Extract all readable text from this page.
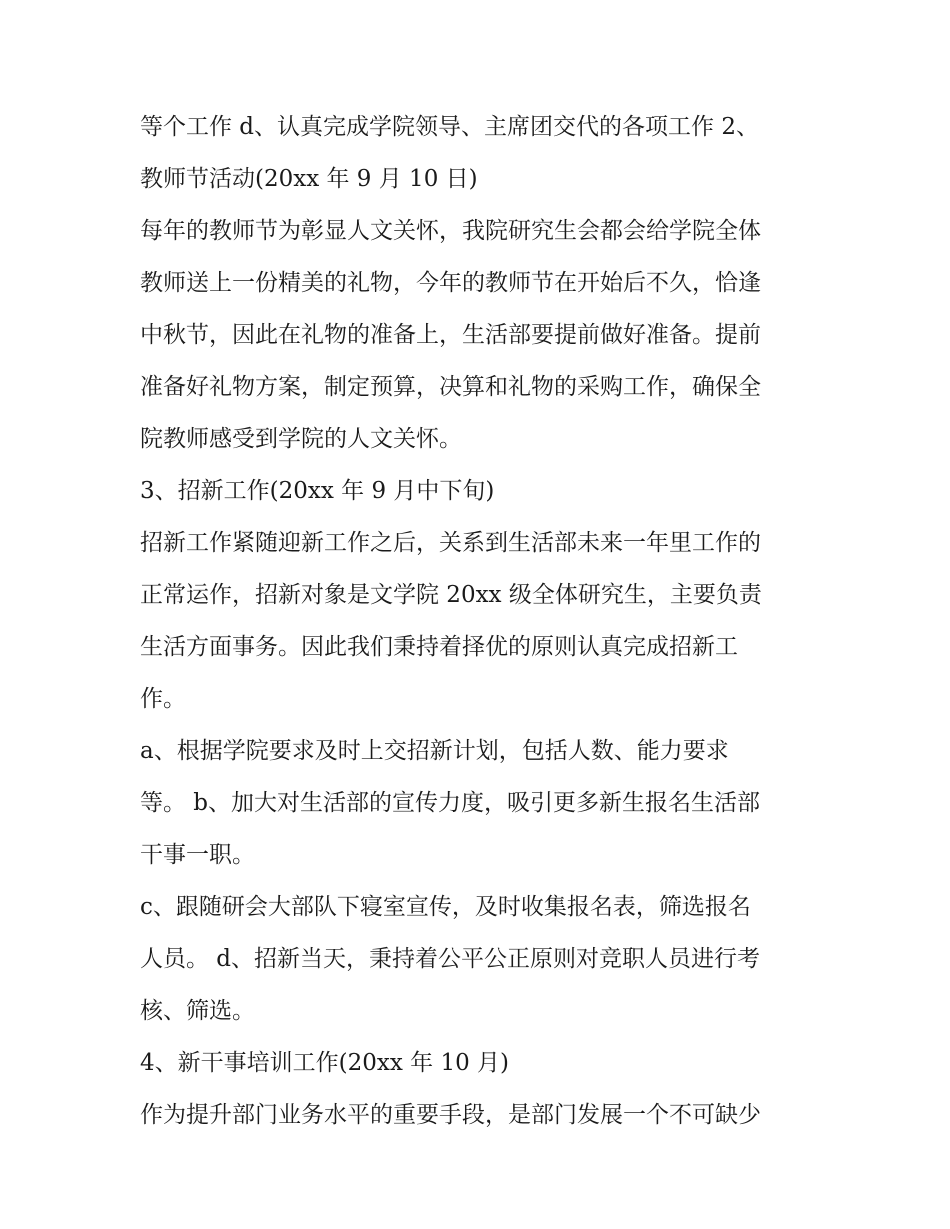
等个工作 d、认真完成学院领导、主席团交代的各项工作 2、

教师节活动(20xx 年 9 月 10 日)

每年的教师节为彰显人文关怀，我院研究生会都会给学院全体

教师送上一份精美的礼物，今年的教师节在开始后不久，恰逢

中秋节，因此在礼物的准备上，生活部要提前做好准备。提前

准备好礼物方案，制定预算，决算和礼物的采购工作，确保全

院教师感受到学院的人文关怀。

3、招新工作(20xx 年 9 月中下旬)

招新工作紧随迎新工作之后，关系到生活部未来一年里工作的

正常运作，招新对象是文学院 20xx 级全体研究生，主要负责

生活方面事务。因此我们秉持着择优的原则认真完成招新工

作。

a、根据学院要求及时上交招新计划，包括人数、能力要求

等。 b、加大对生活部的宣传力度，吸引更多新生报名生活部

干事一职。

c、跟随研会大部队下寝室宣传，及时收集报名表，筛选报名

人员。 d、招新当天，秉持着公平公正原则对竞职人员进行考

核、筛选。

4、新干事培训工作(20xx 年 10 月)

作为提升部门业务水平的重要手段，是部门发展一个不可缺少
